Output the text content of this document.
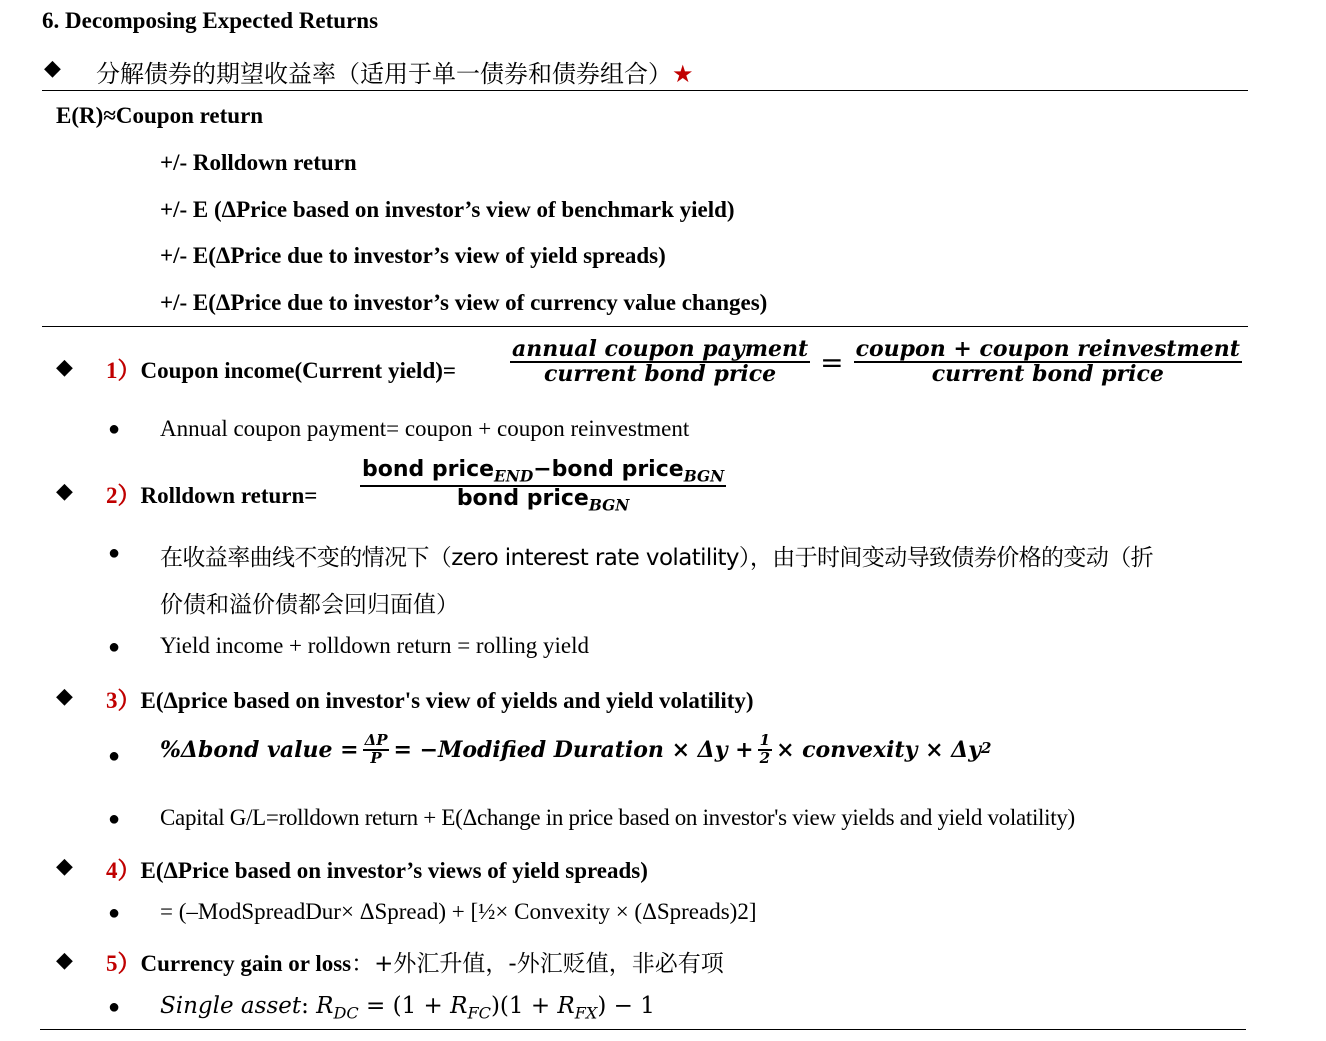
6. Decomposing Expected Returns
◆ 分解债券的期望收益率（适用于单一债券和债券组合）★
E(R)≈Coupon return
+/- Rolldown return
+/- E (ΔPrice based on investor’s view of benchmark yield)
+/- E(ΔPrice due to investor’s view of yield spreads)
+/- E(ΔPrice due to investor’s view of currency value changes)
◆ 1）Coupon income(Current yield)= $\frac{\text{annual coupon payment}}{\text{current bond price}} = \frac{\text{coupon + coupon reinvestment}}{\text{current bond price}}$
● Annual coupon payment= coupon + coupon reinvestment
◆ 2）Rolldown return= $\frac{bond price_{END}-bond price_{BGN}}{bond price_{BGN}}$
● 在收益率曲线不变的情况下（zero interest rate volatility），由于时间变动导致债券价格的变动（折
价债和溢价债都会回归面值）
● Yield income + rolldown return = rolling yield
◆ 3）E(Δprice based on investor's view of yields and yield volatility)
● %Δbond value = $\frac{\Delta P}{P}$ = −Modified Duration × $\Delta y + \frac{1}{2}$ × convexity × Δy 2
● Capital G/L=rolldown return + E(Δchange in price based on investor's view yields and yield volatility)
◆ 4）E(ΔPrice based on investor’s views of yield spreads)
● = (–ModSpreadDur× ΔSpread) + [½× Convexity × (ΔSpreads)2]
◆ 5）Currency gain or loss：+外汇升值，-外汇贬值，非必有项
● Single asset: $R_{DC} = (1 + R_{FC})(1 + R_{FX}) - 1$
